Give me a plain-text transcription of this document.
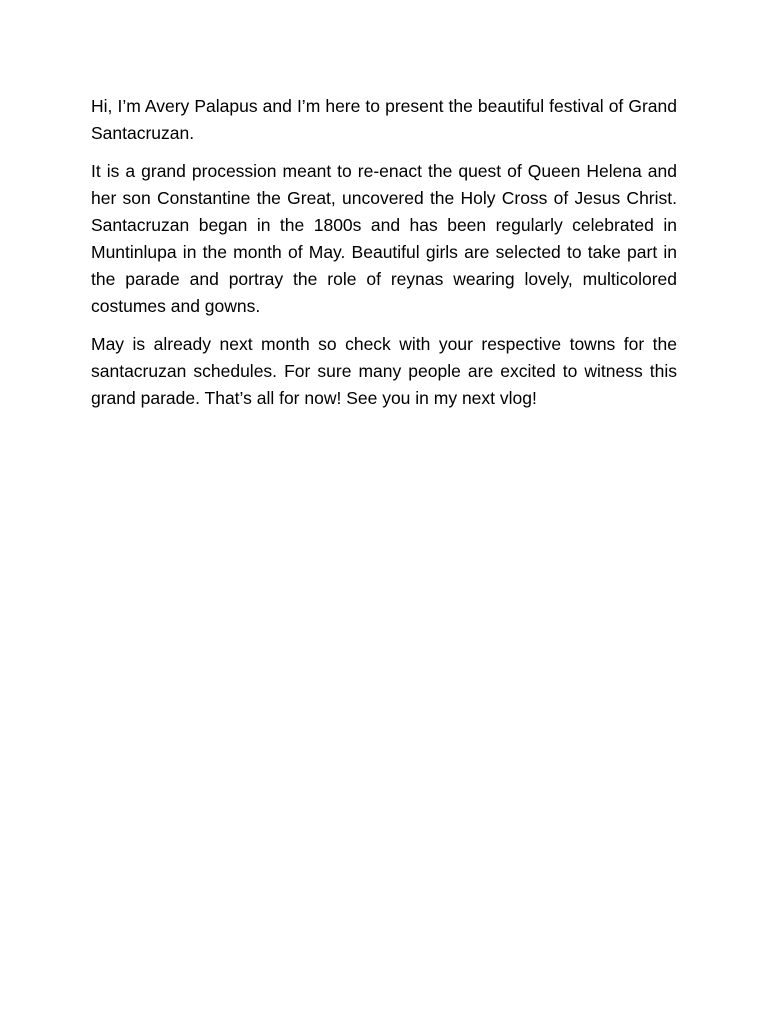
Hi, I’m Avery Palapus and I’m here to present the beautiful festival of Grand Santacruzan.

It is a grand procession meant to re-enact the quest of Queen Helena and her son Constantine the Great, uncovered the Holy Cross of Jesus Christ. Santacruzan began in the 1800s and has been regularly celebrated in Muntinlupa in the month of May. Beautiful girls are selected to take part in the parade and portray the role of reynas wearing lovely, multicolored costumes and gowns.

May is already next month so check with your respective towns for the santacruzan schedules. For sure many people are excited to witness this grand parade. That’s all for now! See you in my next vlog!
